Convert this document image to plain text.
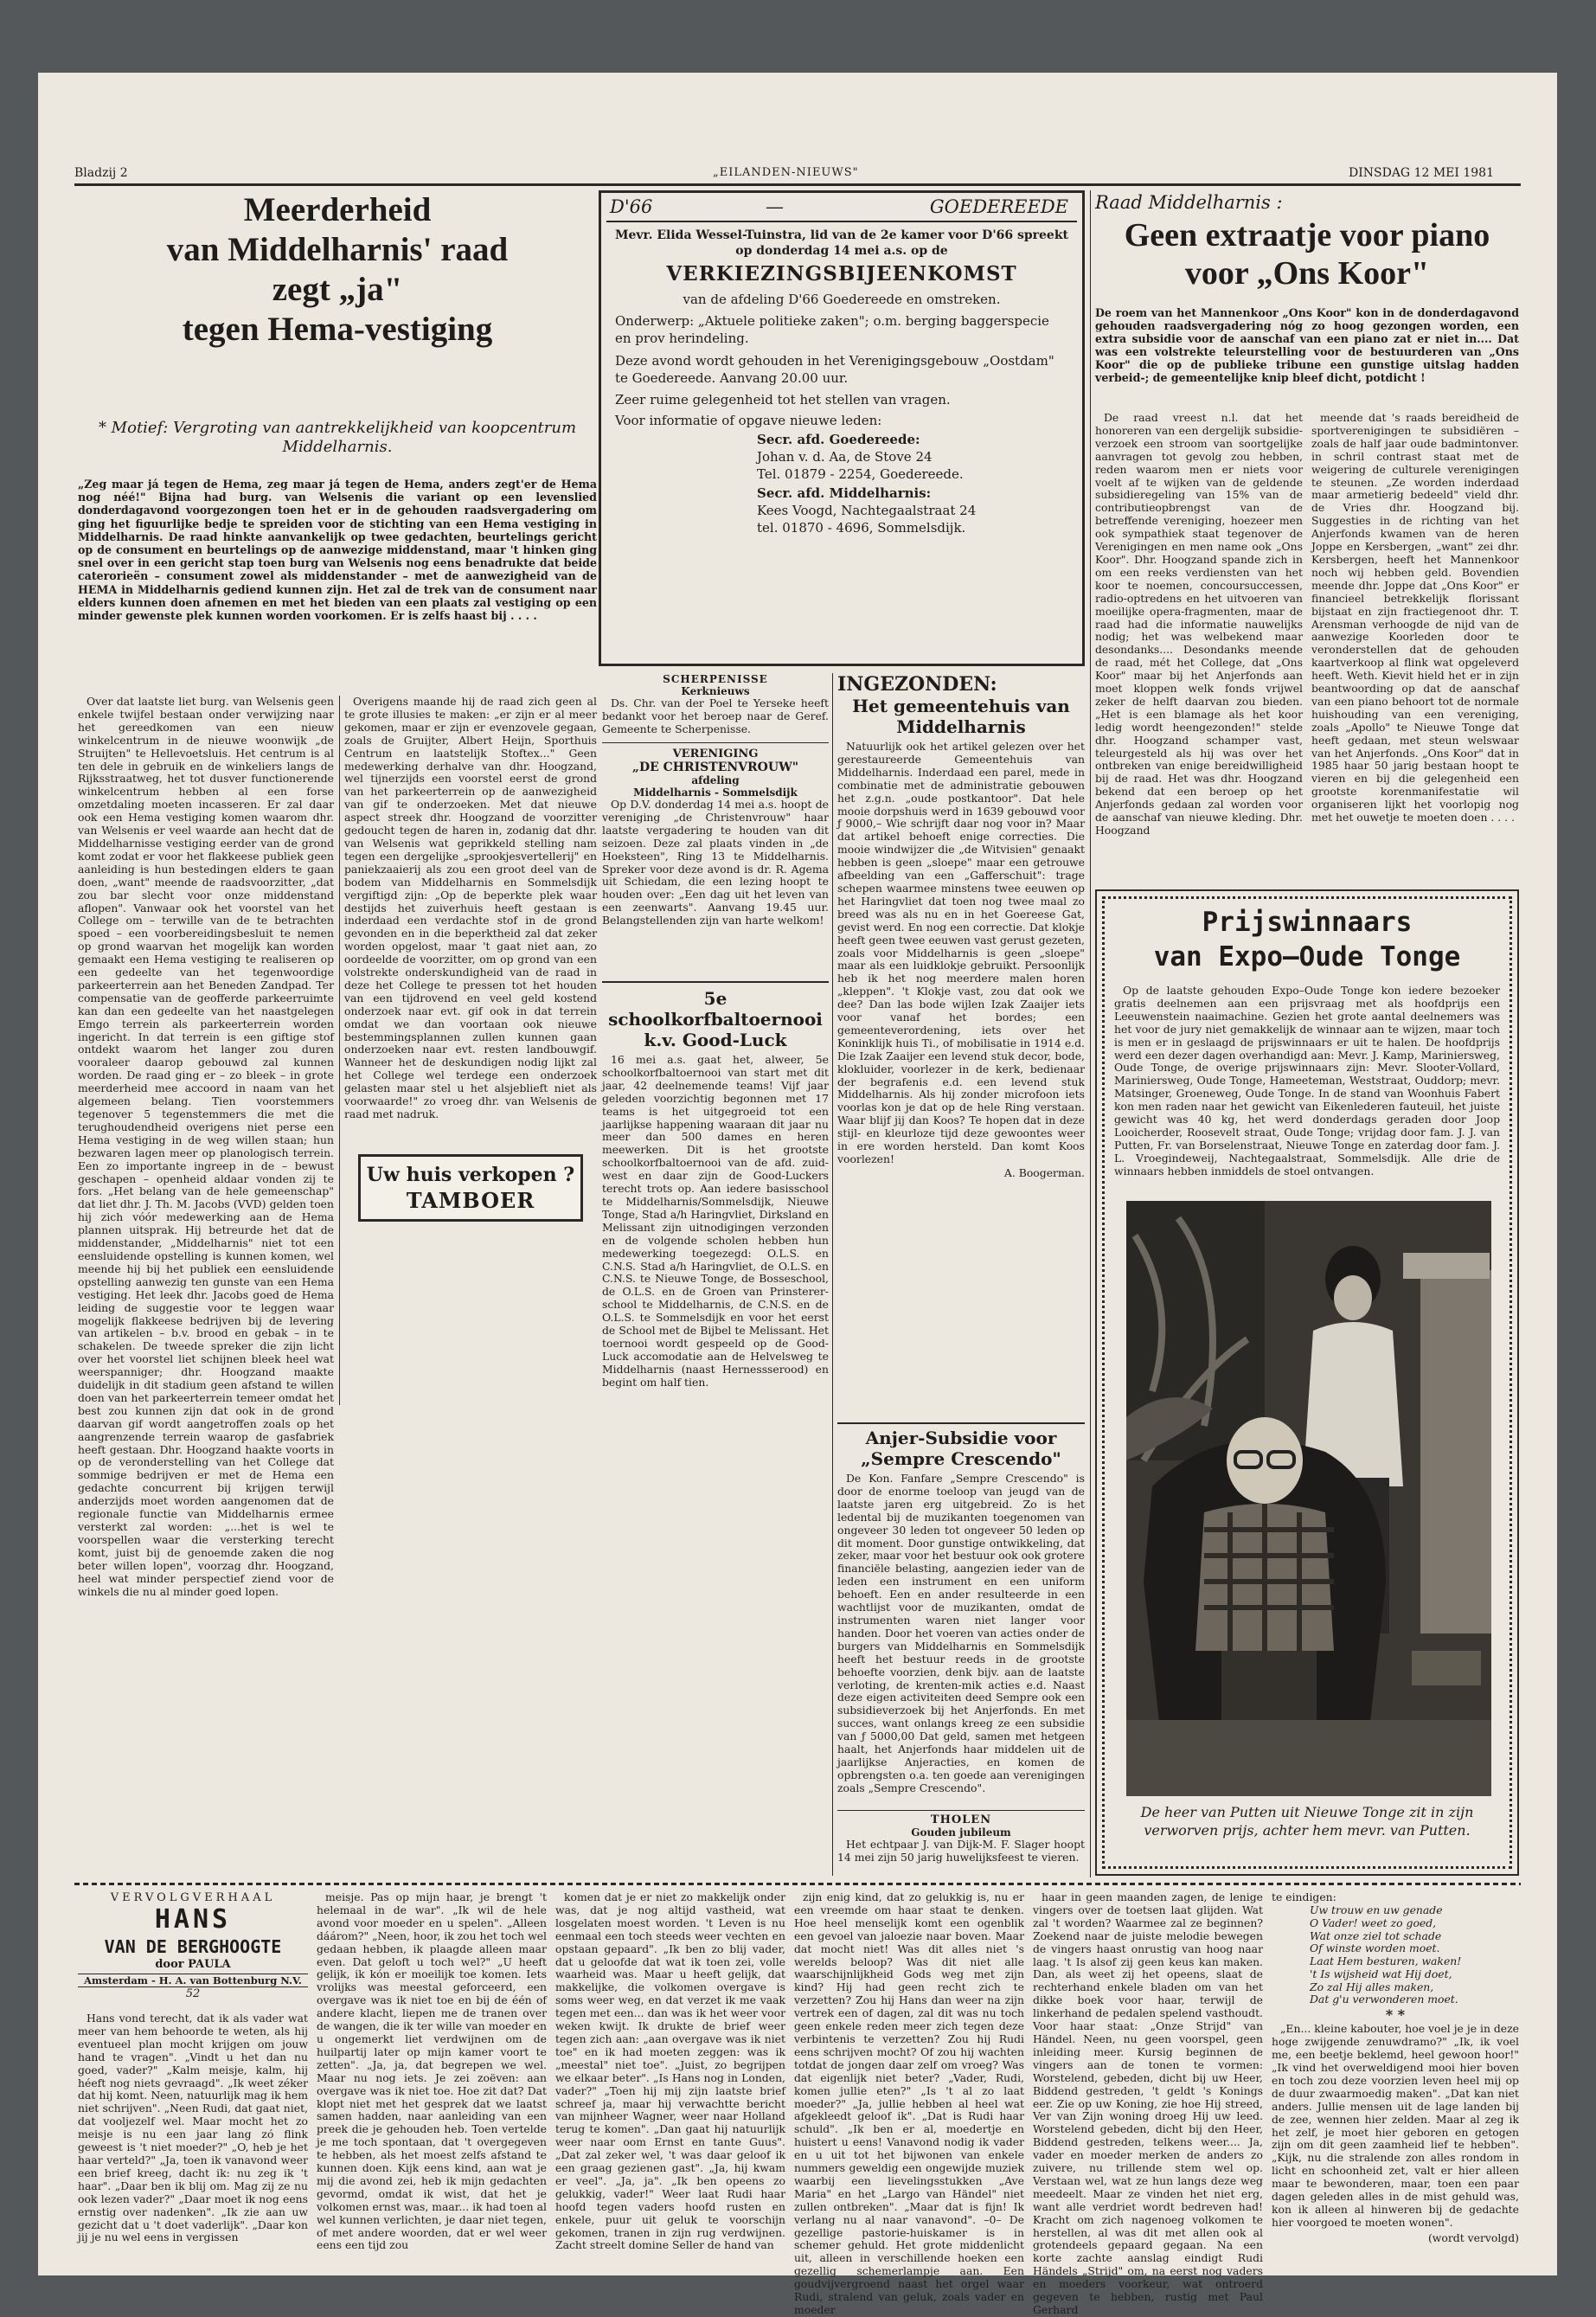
Bladzij 2	„EILANDEN-NIEUWS"	DINSDAG 12 MEI 1981
Meerderheid
van Middelharnis' raad
zegt „ja"
tegen Hema-vestiging
* Motief: Vergroting van aantrekkelijkheid van koopcentrum Middelharnis.
„Zeg maar já tegen de Hema, zeg maar já tegen de Hema, anders zegt'er de Hema nog néé!" Bijna had burg. van Welsenis die variant op een levenslied donderdagavond voorgezongen toen het er in de gehouden raadsvergadering om ging het figuurlijke bedje te spreiden voor de stichting van een Hema vestiging in Middelharnis. De raad hinkte aanvankelijk op twee gedachten, beurtelings gericht op de consument en beurtelings op de aanwezige middenstand, maar 't hinken ging snel over in een gericht stap toen burg van Welsenis nog eens benadrukte dat beide caterorieën – consument zowel als middenstander – met de aanwezigheid van de HEMA in Middelharnis gediend kunnen zijn. Het zal de trek van de consument naar elders kunnen doen afnemen en met het bieden van een plaats zal vestiging op een minder gewenste plek kunnen worden voorkomen. Er is zelfs haast bij . . . .
Over dat laatste liet burg. van Welsenis geen enkele twijfel bestaan onder verwijzing naar het gereedkomen van een nieuw winkelcentrum in de nieuwe woonwijk „de Struijten" te Hellevoetsluis. Het centrum is al ten dele in gebruik en de winkeliers langs de Rijksstraatweg, het tot dusver functionerende winkelcentrum hebben al een forse omzetdaling moeten incasseren. Er zal daar ook een Hema vestiging komen waarom dhr. van Welsenis er veel waarde aan hecht dat de Middelharnisse vestiging eerder van de grond komt zodat er voor het flakkeese publiek geen aanleiding is hun bestedingen elders te gaan doen, „want" meende de raadsvoorzitter, „dat zou bar slecht voor onze middenstand aflopen". Vanwaar ook het voorstel van het College om – terwille van de te betrachten spoed – een voorbereidingsbesluit te nemen op grond waarvan het mogelijk kan worden gemaakt een Hema vestiging te realiseren op een gedeelte van het tegenwoordige parkeerterrein aan het Beneden Zandpad. Ter compensatie van de geofferde parkeerruimte kan dan een gedeelte van het naastgelegen Emgo terrein als parkeerterrein worden ingericht. In dat terrein is een giftige stof ontdekt waarom het langer zou duren vooraleer daarop gebouwd zal kunnen worden. De raad ging er – zo bleek – in grote meerderheid mee accoord in naam van het algemeen belang. Tien voorstemmers tegenover 5 tegenstemmers die met die terughoudendheid overigens niet perse een Hema vestiging in de weg willen staan; hun bezwaren lagen meer op planologisch terrein. Een zo importante ingreep in de – bewust geschapen – openheid aldaar vonden zij te fors. „Het belang van de hele gemeenschap" dat liet dhr. J. Th. M. Jacobs (VVD) gelden toen hij zich vóór medewerking aan de Hema plannen uitsprak. Hij betreurde het dat de middenstander, „Middelharnis" niet tot een eensluidende opstelling is kunnen komen, wel meende hij bij het publiek een eensluidende opstelling aanwezig ten gunste van een Hema vestiging. Het leek dhr. Jacobs goed de Hema leiding de suggestie voor te leggen waar mogelijk flakkeese bedrijven bij de levering van artikelen – b.v. brood en gebak – in te schakelen. De tweede spreker die zijn licht over het voorstel liet schijnen bleek heel wat weerspanniger; dhr. Hoogzand maakte duidelijk in dit stadium geen afstand te willen doen van het parkeerterrein temeer omdat het best zou kunnen zijn dat ook in de grond daarvan gif wordt aangetroffen zoals op het aangrenzende terrein waarop de gasfabriek heeft gestaan. Dhr. Hoogzand haakte voorts in op de veronderstelling van het College dat sommige bedrijven er met de Hema een gedachte concurrent bij krijgen terwijl anderzijds moet worden aangenomen dat de regionale functie van Middelharnis ermee versterkt zal worden: „...het is wel te voorspellen waar die versterking terecht komt, juist bij de genoemde zaken die nog beter willen lopen", voorzag dhr. Hoogzand, heel wat minder perspectief ziend voor de winkels die nu al minder goed lopen.
Overigens maande hij de raad zich geen al te grote illusies te maken: „er zijn er al meer gekomen, maar er zijn er evenzovele gegaan, zoals de Gruijter, Albert Heijn, Sporthuis Centrum en laatstelijk Stoftex..." Geen medewerking derhalve van dhr. Hoogzand, wel tijnerzijds een voorstel eerst de grond van het parkeerterrein op de aanwezigheid van gif te onderzoeken. Met dat nieuwe aspect streek dhr. Hoogzand de voorzitter gedoucht tegen de haren in, zodanig dat dhr. van Welsenis wat geprikkeld stelling nam tegen een dergelijke „sprookjesvertellerij" en paniekzaaierij als zou een groot deel van de bodem van Middelharnis en Sommelsdijk vergiftigd zijn: „Op de beperkte plek waar destijds het zuiverhuis heeft gestaan is inderdaad een verdachte stof in de grond gevonden en in die beperktheid zal dat zeker worden opgelost, maar 't gaat niet aan, zo oordeelde de voorzitter, om op grond van een volstrekte onderskundigheid van de raad in deze het College te pressen tot het houden van een tijdrovend en veel geld kostend onderzoek naar evt. gif ook in dat terrein omdat we dan voortaan ook nieuwe bestemmingsplannen zullen kunnen gaan onderzoeken naar evt. resten landbouwgif. Wanneer het de deskundigen nodig lijkt zal het College wel terdege een onderzoek gelasten maar stel u het alsjeblieft niet als voorwaarde!" zo vroeg dhr. van Welsenis de raad met nadruk.
Uw huis verkopen ?
TAMBOER
D'66	—	GOEDEREEDE
Mevr. Elida Wessel-Tuinstra, lid van de 2e kamer voor D'66 spreekt op donderdag 14 mei a.s. op de
VERKIEZINGSBIJEENKOMST
van de afdeling D'66 Goedereede en omstreken.
Onderwerp: „Aktuele politieke zaken"; o.m. berging baggerspecie en prov herindeling.
Deze avond wordt gehouden in het Verenigingsgebouw „Oostdam" te Goedereede. Aanvang 20.00 uur.
Zeer ruime gelegenheid tot het stellen van vragen.
Voor informatie of opgave nieuwe leden:
Secr. afd. Goedereede:
Johan v. d. Aa, de Stove 24
Tel. 01879 - 2254, Goedereede.
Secr. afd. Middelharnis:
Kees Voogd, Nachtegaalstraat 24
tel. 01870 - 4696, Sommelsdijk.
SCHERPENISSE
Kerknieuws
Ds. Chr. van der Poel te Yerseke heeft bedankt voor het beroep naar de Geref. Gemeente te Scherpenisse.
VERENIGING
„DE CHRISTENVROUW"
afdeling
Middelharnis - Sommelsdijk
Op D.V. donderdag 14 mei a.s. hoopt de vereniging „de Christenvrouw" haar laatste vergadering te houden van dit seizoen. Deze zal plaats vinden in „de Hoeksteen", Ring 13 te Middelharnis. Spreker voor deze avond is dr. R. Agema uit Schiedam, die een lezing hoopt te houden over: „Een dag uit het leven van een zeenwarts". Aanvang 19.45 uur. Belangstellenden zijn van harte welkom!
5e schoolkorfbaltoernooi k.v. Good-Luck
16 mei a.s. gaat het, alweer, 5e schoolkorfbaltoernooi van start met dit jaar, 42 deelnemende teams! Vijf jaar geleden voorzichtig begonnen met 17 teams is het uitgegroeid tot een jaarlijkse happening waaraan dit jaar nu meer dan 500 dames en heren meewerken. Dit is het grootste schoolkorfbaltoernooi van de afd. zuid-west en daar zijn de Good-Luckers terecht trots op. Aan iedere basisschool te Middelharnis/Sommelsdijk, Nieuwe Tonge, Stad a/h Haringvliet, Dirksland en Melissant zijn uitnodigingen verzonden en de volgende scholen hebben hun medewerking toegezegd: O.L.S. en C.N.S. Stad a/h Haringvliet, de O.L.S. en C.N.S. te Nieuwe Tonge, de Bosseschool, de O.L.S. en de Groen van Prinsterer-school te Middelharnis, de C.N.S. en de O.L.S. te Sommelsdijk en voor het eerst de School met de Bijbel te Melissant. Het toernooi wordt gespeeld op de Good-Luck accomodatie aan de Helvelsweg te Middelharnis (naast Hernessserood) en begint om half tien.
INGEZONDEN:
Het gemeentehuis van Middelharnis
Natuurlijk ook het artikel gelezen over het gerestaureerde Gemeentehuis van Middelharnis. Inderdaad een parel, mede in combinatie met de administratie gebouwen het z.g.n. „oude postkantoor". Dat hele mooie dorpshuis werd in 1639 gebouwd voor ƒ 9000,– Wie schrijft daar nog voor in? Maar dat artikel behoeft enige correcties. Die mooie windwijzer die „de Witvisien" genaakt hebben is geen „sloepe" maar een getrouwe afbeelding van een „Gafferschuit": trage schepen waarmee minstens twee eeuwen op het Haringvliet dat toen nog twee maal zo breed was als nu en in het Goereese Gat, gevist werd. En nog een correctie. Dat klokje heeft geen twee eeuwen vast gerust gezeten, zoals voor Middelharnis is geen „sloepe" maar als een luidklokje gebruikt. Persoonlijk heb ik het nog meerdere malen horen „kleppen". 't Klokje vast, zou dat ook we dee? Dan las bode wijlen Izak Zaaijer iets voor vanaf het bordes; een gemeenteverordening, iets over het Koninklijk huis Ti., of mobilisatie in 1914 e.d. Die Izak Zaaijer een levend stuk decor, bode, klokluider, voorlezer in de kerk, bedienaar der begrafenis e.d. een levend stuk Middelharnis. Als hij zonder microfoon iets voorlas kon je dat op de hele Ring verstaan. Waar blijf jij dan Koos? Te hopen dat in deze stijl- en kleurloze tijd deze gewoontes weer in ere worden hersteld. Dan komt Koos voorlezen!
A. Boogerman.
Anjer-Subsidie voor „Sempre Crescendo"
De Kon. Fanfare „Sempre Crescendo" is door de enorme toeloop van jeugd van de laatste jaren erg uitgebreid. Zo is het ledental bij de muzikanten toegenomen van ongeveer 30 leden tot ongeveer 50 leden op dit moment. Door gunstige ontwikkeling, dat zeker, maar voor het bestuur ook ook grotere financiële belasting, aangezien ieder van de leden een instrument en een uniform behoeft. Een en ander resulteerde in een wachtlijst voor de muzikanten, omdat de instrumenten waren niet langer voor handen. Door het voeren van acties onder de burgers van Middelharnis en Sommelsdijk heeft het bestuur reeds in de grootste behoefte voorzien, denk bijv. aan de laatste verloting, de krenten-mik acties e.d. Naast deze eigen activiteiten deed Sempre ook een subsidieverzoek bij het Anjerfonds. En met succes, want onlangs kreeg ze een subsidie van ƒ 5000,00 Dat geld, samen met hetgeen haalt, het Anjerfonds haar middelen uit de jaarlijkse Anjeracties, en komen de opbrengsten o.a. ten goede aan verenigingen zoals „Sempre Crescendo".
THOLEN
Gouden jubileum
Het echtpaar J. van Dijk-M. F. Slager hoopt 14 mei zijn 50 jarig huwelijksfeest te vieren.
Raad Middelharnis :
Geen extraatje voor piano
voor „Ons Koor"
De roem van het Mannenkoor „Ons Koor" kon in de donderdagavond gehouden raadsvergadering nóg zo hoog gezongen worden, een extra subsidie voor de aanschaf van een piano zat er niet in.... Dat was een volstrekte teleurstelling voor de bestuurderen van „Ons Koor" die op de publieke tribune een gunstige uitslag hadden verbeid-; de gemeentelijke knip bleef dicht, potdicht !
De raad vreest n.l. dat het honoreren van een dergelijk subsidie-verzoek een stroom van soortgelijke aanvragen tot gevolg zou hebben, reden waarom men er niets voor voelt af te wijken van de geldende subsidieregeling van 15% van de contributieopbrengst van de betreffende vereniging, hoezeer men ook sympathiek staat tegenover de Verenigingen en men name ook „Ons Koor". Dhr. Hoogzand spande zich in om een reeks verdiensten van het koor te noemen, concoursuccessen, radio-optredens en het uitvoeren van moeilijke opera-fragmenten, maar de raad had die informatie nauwelijks nodig; het was welbekend maar desondanks.... Desondanks meende de raad, mét het College, dat „Ons Koor" maar bij het Anjerfonds aan moet kloppen welk fonds vrijwel zeker de helft daarvan zou bieden. „Het is een blamage als het koor ledig wordt heengezonden!" stelde dhr. Hoogzand schamper vast, teleurgesteld als hij was over het ontbreken van enige bereidwilligheid bij de raad. Het was dhr. Hoogzand bekend dat een beroep op het Anjerfonds gedaan zal worden voor de aanschaf van nieuwe kleding. Dhr. Hoogzand
meende dat 's raads bereidheid de sportverenigingen te subsidiëren – zoals de half jaar oude badmintonver. in schril contrast staat met de weigering de culturele verenigingen te steunen. „Ze worden inderdaad maar armetierig bedeeld" vield dhr. de Vries dhr. Hoogzand bij. Suggesties in de richting van het Anjerfonds kwamen van de heren Joppe en Kersbergen, „want" zei dhr. Kersbergen, heeft het Mannenkoor noch wij hebben geld. Bovendien meende dhr. Joppe dat „Ons Koor" er financieel betrekkelijk florissant bijstaat en zijn fractiegenoot dhr. T. Arensman verhoogde de nijd van de aanwezige Koorleden door te veronderstellen dat de gehouden kaartverkoop al flink wat opgeleverd heeft. Weth. Kievit hield het er in zijn beantwoording op dat de aanschaf van een piano behoort tot de normale huishouding van een vereniging, zoals „Apollo" te Nieuwe Tonge dat heeft gedaan, met steun welswaar van het Anjerfonds. „Ons Koor" dat in 1985 haar 50 jarig bestaan hoopt te vieren en bij die gelegenheid een grootste korenmanifestatie wil organiseren lijkt het voorlopig nog met het ouwetje te moeten doen . . . .
Prijswinnaars
van Expo–Oude Tonge
Op de laatste gehouden Expo–Oude Tonge kon iedere bezoeker gratis deelnemen aan een prijsvraag met als hoofdprijs een Leeuwenstein naaimachine. Gezien het grote aantal deelnemers was het voor de jury niet gemakkelijk de winnaar aan te wijzen, maar toch is men er in geslaagd de prijswinnaars er uit te halen. De hoofdprijs werd een dezer dagen overhandigd aan: Mevr. J. Kamp, Mariniersweg, Oude Tonge, de overige prijswinnaars zijn: Mevr. Slooter-Vollard, Mariniersweg, Oude Tonge, Hameeteman, Weststraat, Ouddorp; mevr. Matsinger, Groeneweg, Oude Tonge. In de stand van Woonhuis Fabert kon men raden naar het gewicht van Eikenlederen fauteuil, het juiste gewicht was 40 kg, het werd donderdags geraden door Joop Looicherder, Roosevelt straat, Oude Tonge; vrijdag door fam. J. J. van Putten, Fr. van Borselenstraat, Nieuwe Tonge en zaterdag door fam. J. L. Vroegindeweij, Nachtegaalstraat, Sommelsdijk. Alle drie de winnaars hebben inmiddels de stoel ontvangen.
De heer van Putten uit Nieuwe Tonge zit in zijn verworven prijs, achter hem mevr. van Putten.
VERVOLGVERHAAL
HANS
VAN DE BERGHOOGTE
door PAULA
Amsterdam - H. A. van Bottenburg N.V.
52
Hans vond terecht, dat ik als vader wat meer van hem behoorde te weten, als hij eventueel plan mocht krijgen om jouw hand te vragen". „Vindt u het dan nu goed, vader?" „Kalm meisje, kalm, hij héeft nog niets gevraagd". „Ik weet zéker dat hij komt. Neen, natuurlijk mag ik hem niet schrijven". „Neen Rudi, dat gaat niet, dat vooljezelf wel. Maar mocht het zo meisje is nu een jaar lang zó flink geweest is 't niet moeder?" „O, heb je het haar verteld?" „Ja, toen ik vanavond weer een brief kreeg, dacht ik: nu zeg ik 't haar". „Daar ben ik blij om. Mag zij ze nu ook lezen vader?" „Daar moet ik nog eens ernstig over nadenken". „Ik zie aan uw gezicht dat u 't doet vaderlijk". „Daar kon jij je nu wel eens in vergissen
meisje. Pas op mijn haar, je brengt 't helemaal in de war". „Ik wil de hele avond voor moeder en u spelen". „Alleen dáárom?" „Neen, hoor, ik zou het toch wel gedaan hebben, ik plaagde alleen maar even. Dat geloft u toch wel?" „U heeft gelijk, ik kón er moeilijk toe komen. Iets vrolijks was meestal geforceerd, een overgave was ik niet toe en bij de één of andere klacht, liepen me de tranen over de wangen, die ik ter wille van moeder en u ongemerkt liet verdwijnen om de huilpartij later op mijn kamer voort te zetten". „Ja, ja, dat begrepen we wel. Maar nu nog iets. Je zei zoëven: aan overgave was ik niet toe. Hoe zit dat? Dat klopt niet met het gesprek dat we laatst samen hadden, naar aanleiding van een preek die je gehouden heb. Toen vertelde je me toch spontaan, dat 't overgegeven te hebben, als het moest zelfs afstand te kunnen doen. Kijk eens kind, aan wat je mij die avond zei, heb ik mijn gedachten gevormd, omdat ik wist, dat het je volkomen ernst was, maar... ik had toen al wel kunnen verlichten, je daar niet tegen, of met andere woorden, dat er wel weer eens een tijd zou
komen dat je er niet zo makkelijk onder was, dat je nog altijd vastheid, wat losgelaten moest worden. 't Leven is nu eenmaal een toch steeds weer vechten en opstaan gepaard". „Ik ben zo blij vader, dat u geloofde dat wat ik toen zei, volle waarheid was. Maar u heeft gelijk, dat makkelijke, die volkomen overgave is soms weer weg, en dat verzet ik me vaak tegen met een... dan was ik het weer voor weken kwijt. Ik drukte de brief weer tegen zich aan: „aan overgave was ik niet toe" en ik had moeten zeggen: was ik „meestal" niet toe". „Juist, zo begrijpen we elkaar beter". „Is Hans nog in Londen, vader?" „Toen hij mij zijn laatste brief schreef ja, maar hij verwachtte bericht van mijnheer Wagner, weer naar Holland terug te komen". „Dan gaat hij natuurlijk weer naar oom Ernst en tante Guus". „Dat zal zeker wel, 't was daar geloof ik een graag gezienen gast". „Ja, hij kwam er veel". „Ja, ja". „Ik ben opeens zo gelukkig, vader!" Weer laat Rudi haar hoofd tegen vaders hoofd rusten en enkele, puur uit geluk te voorschijn gekomen, tranen in zijn rug verdwijnen. Zacht streelt domine Seller de hand van
zijn enig kind, dat zo gelukkig is, nu er een vreemde om haar staat te denken. Hoe heel menselijk komt een ogenblik een gevoel van jaloezie naar boven. Maar dat mocht niet! Was dit alles niet 's werelds beloop? Was dit niet alle waarschijnlijkheid Gods weg met zijn kind? Hij had geen recht zich te verzetten? Zou hij Hans dan weer na zijn vertrek een of dagen, zal dit was nu toch geen enkele reden meer zich tegen deze verbintenis te verzetten? Zou hij Rudi eens schrijven mocht? Of zou hij wachten totdat de jongen daar zelf om vroeg? Was dat eigenlijk niet beter? „Vader, Rudi, komen jullie eten?" „Is 't al zo laat moeder?" „Ja, jullie hebben al heel wat afgekleedt geloof ik". „Dat is Rudi haar schuld". „Ik ben er al, moedertje en huistert u eens! Vanavond nodig ik vader en u uit tot het bijwonen van enkele nummers geweldig een ongewijde muziek waarbij een lievelingsstukken „Ave Maria" en het „Largo van Händel" niet zullen ontbreken". „Maar dat is fijn! Ik verlang nu al naar vanavond". –0– De gezellige pastorie-huiskamer is in schemer gehuld. Het grote middenlicht uit, alleen in verschillende hoeken een gezellig schemerlampje aan. Een goudvijvergroend naast het orgel waar Rudi, stralend van geluk, zoals vader en moeder
haar in geen maanden zagen, de lenige vingers over de toetsen laat glijden. Wat zal 't worden? Waarmee zal ze beginnen? Zoekend naar de juiste melodie bewegen de vingers haast onrustig van hoog naar laag. 't Is alsof zij geen keus kan maken. Dan, als weet zij het opeens, slaat de rechterhand enkele bladen om van het dikke boek voor haar, terwijl de linkerhand de pedalen spelend vasthoudt. Voor haar staat: „Onze Strijd" van Händel. Neen, nu geen voorspel, geen inleiding meer. Kursig beginnen de vingers aan de tonen te vormen: Worstelend, gebeden, dicht bij uw Heer, Biddend gestreden, 't geldt 's Konings eer. Zie op uw Koning, zie hoe Hij streed, Ver van Zijn woning droeg Hij uw leed. Worstelend gebeden, dicht bij den Heer, Biddend gestreden, telkens weer.... Ja, vader en moeder merken de anders zo zuivere, nu trillende stem wel op. Verstaan wel, wat ze hun langs deze weg meedeelt. Maar ze vinden het niet erg, want alle verdriet wordt bedreven had! Kracht om zich nagenoeg volkomen te herstellen, al was dit met allen ook al grotendeels gepaard gegaan. Na een korte zachte aanslag eindigt Rudi Händels „Strijd" om, na eerst nog vaders en moeders voorkeur, wat ontroerd gegeven te hebben, rustig met Paul Gerhard
te eindigen:
Uw trouw en uw genade
O Vader! weet zo goed,
Wat onze ziel tot schade
Of winste worden moet.
Laat Hem besturen, waken!
't Is wijsheid wat Hij doet,
Zo zal Hij alles maken,
Dat g'u verwonderen moet.
* *
„En... kleine kabouter, hoe voel je je in deze hoge zwijgende zenuwdramo?" „Ik, ik voel me, een beetje beklemd, heel gewoon hoor!" „Ik vind het overweldigend mooi hier boven en toch zou deze voorzien leven heel mij op de duur zwaarmoedig maken". „Dat kan niet anders. Jullie mensen uit de lage landen bij de zee, wennen hier zelden. Maar al zeg ik het zelf, je moet hier geboren en getogen zijn om dit geen zaamheid lief te hebben". „Kijk, nu die stralende zon alles rondom in licht en schoonheid zet, valt er hier alleen maar te bewonderen, maar, toen een paar dagen geleden alles in de mist gehuld was, kon ik alleen al hinweren bij de gedachte hier voorgoed te moeten wonen".
(wordt vervolgd)
